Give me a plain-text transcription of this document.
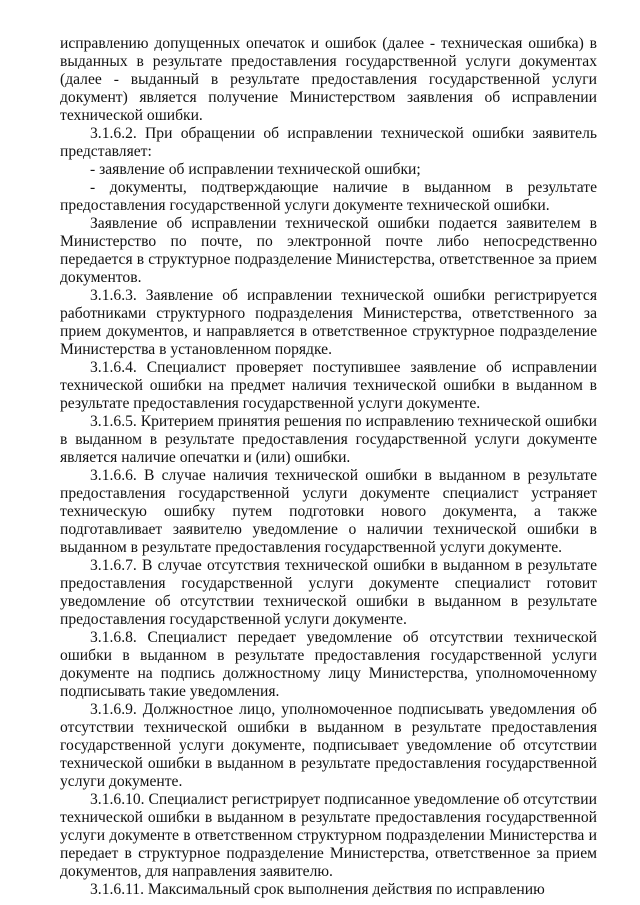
исправлению допущенных опечаток и ошибок (далее - техническая ошибка) в выданных в результате предоставления государственной услуги документах (далее - выданный в результате предоставления государственной услуги документ) является получение Министерством заявления об исправлении технической ошибки.

3.1.6.2. При обращении об исправлении технической ошибки заявитель представляет:

- заявление об исправлении технической ошибки;

- документы, подтверждающие наличие в выданном в результате предоставления государственной услуги документе технической ошибки.

Заявление об исправлении технической ошибки подается заявителем в Министерство по почте, по электронной почте либо непосредственно передается в структурное подразделение Министерства, ответственное за прием документов.

3.1.6.3. Заявление об исправлении технической ошибки регистрируется работниками структурного подразделения Министерства, ответственного за прием документов, и направляется в ответственное структурное подразделение Министерства в установленном порядке.

3.1.6.4. Специалист проверяет поступившее заявление об исправлении технической ошибки на предмет наличия технической ошибки в выданном в результате предоставления государственной услуги документе.

3.1.6.5. Критерием принятия решения по исправлению технической ошибки в выданном в результате предоставления государственной услуги документе является наличие опечатки и (или) ошибки.

3.1.6.6. В случае наличия технической ошибки в выданном в результате предоставления государственной услуги документе специалист устраняет техническую ошибку путем подготовки нового документа, а также подготавливает заявителю уведомление о наличии технической ошибки в выданном в результате предоставления государственной услуги документе.

3.1.6.7. В случае отсутствия технической ошибки в выданном в результате предоставления государственной услуги документе специалист готовит уведомление об отсутствии технической ошибки в выданном в результате предоставления государственной услуги документе.

3.1.6.8. Специалист передает уведомление об отсутствии технической ошибки в выданном в результате предоставления государственной услуги документе на подпись должностному лицу Министерства, уполномоченному подписывать такие уведомления.

3.1.6.9. Должностное лицо, уполномоченное подписывать уведомления об отсутствии технической ошибки в выданном в результате предоставления государственной услуги документе, подписывает уведомление об отсутствии технической ошибки в выданном в результате предоставления государственной услуги документе.

3.1.6.10. Специалист регистрирует подписанное уведомление об отсутствии технической ошибки в выданном в результате предоставления государственной услуги документе в ответственном структурном подразделении Министерства и передает в структурное подразделение Министерства, ответственное за прием документов, для направления заявителю.

3.1.6.11. Максимальный срок выполнения действия по исправлению
